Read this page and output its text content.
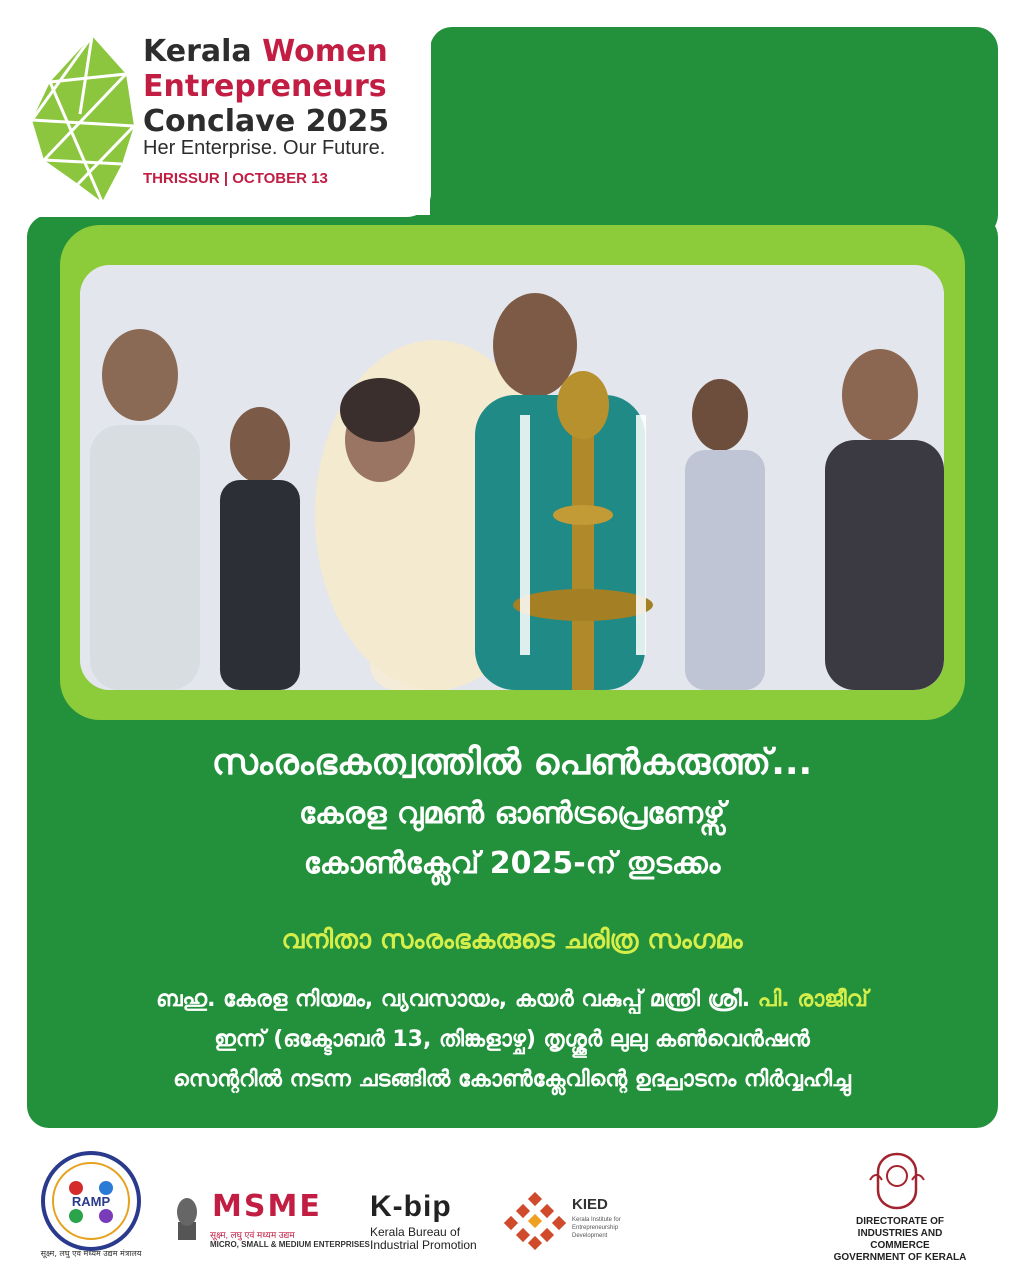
Kerala Women
Entrepreneurs
Conclave 2025
Her Enterprise. Our Future.
THRISSUR | OCTOBER 13
സംരംഭകത്വത്തിൽ പെൺകരുത്ത്...
കേരള വുമൺ ഓൺട്രപ്രെണേഴ്സ്
കോൺക്ലേവ് 2025-ന് തുടക്കം
വനിതാ സംരംഭകരുടെ ചരിത്ര സംഗമം
ബഹു. കേരള നിയമം, വ്യവസായം, കയർ വകുപ്പ് മന്ത്രി ശ്രീ. പി. രാജീവ്
ഇന്ന് (ഒക്ടോബർ 13, തിങ്കളാഴ്ച) തൃശ്ശൂർ ലുലു കൺവെൻഷൻ
സെന്ററിൽ നടന്ന ചടങ്ങിൽ കോൺക്ലേവിന്റെ ഉദ്ഘാടനം നിർവ്വഹിച്ചു
RAMP
सूक्ष्म, लघु एवं मध्यम उद्यम मंत्रालय
MSME
सूक्ष्म, लघु एवं मध्यम उद्यम
MICRO, SMALL & MEDIUM ENTERPRISES
K-bip
Kerala Bureau of
Industrial Promotion
KIED
Kerala Institute for Entrepreneurship Development
DIRECTORATE OF
INDUSTRIES AND COMMERCE
GOVERNMENT OF KERALA
